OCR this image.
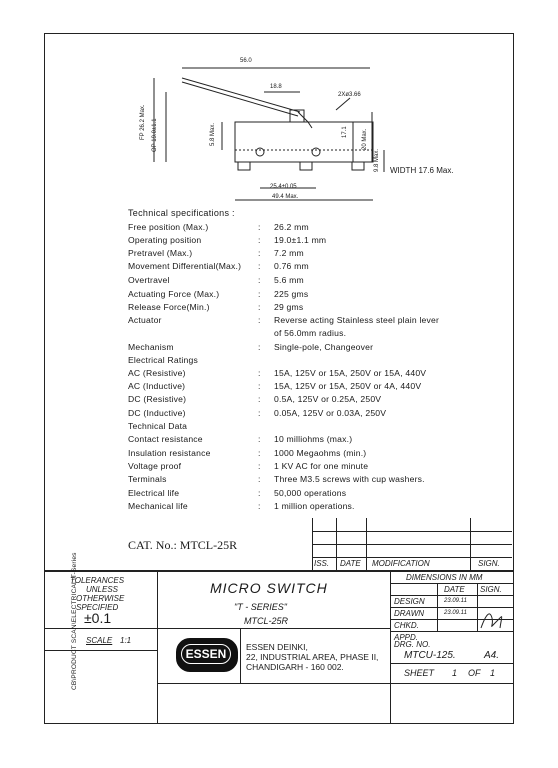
56.0
18.8
2Xø3.66
FP 26.2 Max. OP 19.0±1.1	5.8 Max.	17.1 20 Max.
9.8 Max.
25.4±0.05
49.4 Max.
WIDTH 17.6 Max.
Technical specifications :
Free position (Max.)	: 26.2 mm
Operating position	: 19.0±1.1 mm
Pretravel (Max.)	: 7.2 mm
Movement Differential(Max.) : 0.76 mm
Overtravel	: 5.6 mm
Actuating Force (Max.)	: 225 gms
Release Force(Min.)	: 29 gms
Actuator	: Reverse acting Stainless steel plain lever
of 56.0mm radius.
Mechanism	: Single-pole, Changeover
Electrical Ratings
AC (Resistive)	: 15A, 125V or 15A, 250V or 15A, 440V
AC (Inductive)	: 15A, 125V or 15A, 250V or 4A, 440V
DC (Resistive)	: 0.5A, 125V or 0.25A, 250V
DC (Inductive)	: 0.05A, 125V or 0.03A, 250V
Technical Data
Contact resistance	: 10 milliohms (max.)
Insulation resistance	: 1000 Megaohms (min.)
Voltage proof	: 1 KV AC for one minute
Terminals	: Three M3.5 screws with cup washers.
Electrical life	: 50,000 operations
Mechanical life	: 1 million operations.
CAT. No.: MTCL-25R
ISS. DATE MODIFICATION	SIGN.
TOLERANCES
UNLESS
OTHERWISE
SPECIFIED
±0.1
SCALE 1:1
MICRO SWITCH
"T - SERIES"
MTCL-25R
ESSEN	ESSEN DEINKI,
22, INDUSTRIAL AREA, PHASE II,
CHANDIGARH - 160 002.
DIMENSIONS IN MM
DATE SIGN.
DESIGN	23.09.11
DRAWN	23.09.11
CHKD.
APPD.
DRG. NO.
MTCU-125.	A4.
SHEET 1 OF 1
CB\PRODUCT SCAN\ELECTRICAL\T-Series
